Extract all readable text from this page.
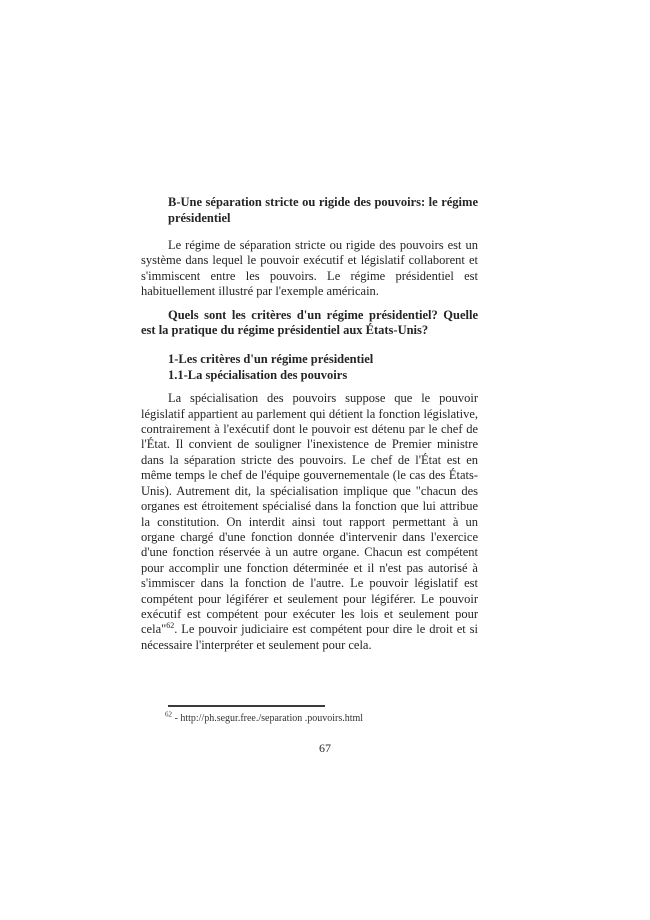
B-Une séparation stricte ou rigide des pouvoirs: le régime présidentiel

Le régime de séparation stricte ou rigide des pouvoirs est un système dans lequel le pouvoir exécutif et législatif collaborent et s'immiscent entre les pouvoirs. Le régime présidentiel est habituellement illustré par l'exemple américain.

Quels sont les critères d'un régime présidentiel? Quelle est la pratique du régime présidentiel aux États-Unis?
1-Les critères d'un régime présidentiel
1.1-La spécialisation des pouvoirs

La spécialisation des pouvoirs suppose que le pouvoir législatif appartient au parlement qui détient la fonction législative, contrairement à l'exécutif dont le pouvoir est détenu par le chef de l'État. Il convient de souligner l'inexistence de Premier ministre dans la séparation stricte des pouvoirs. Le chef de l'État est en même temps le chef de l'équipe gouvernementale (le cas des États-Unis). Autrement dit, la spécialisation implique que "chacun des organes est étroitement spécialisé dans la fonction que lui attribue la constitution. On interdit ainsi tout rapport permettant à un organe chargé d'une fonction donnée d'intervenir dans l'exercice d'une fonction réservée à un autre organe. Chacun est compétent pour accomplir une fonction déterminée et il n'est pas autorisé à s'immiscer dans la fonction de l'autre. Le pouvoir législatif est compétent pour légiférer et seulement pour légiférer. Le pouvoir exécutif est compétent pour exécuter les lois et seulement pour cela"$^{62}$. Le pouvoir judiciaire est compétent pour dire le droit et si nécessaire l'interpréter et seulement pour cela.

$^{62}$ - http://ph.segur.free./separation .pouvoirs.html

67
